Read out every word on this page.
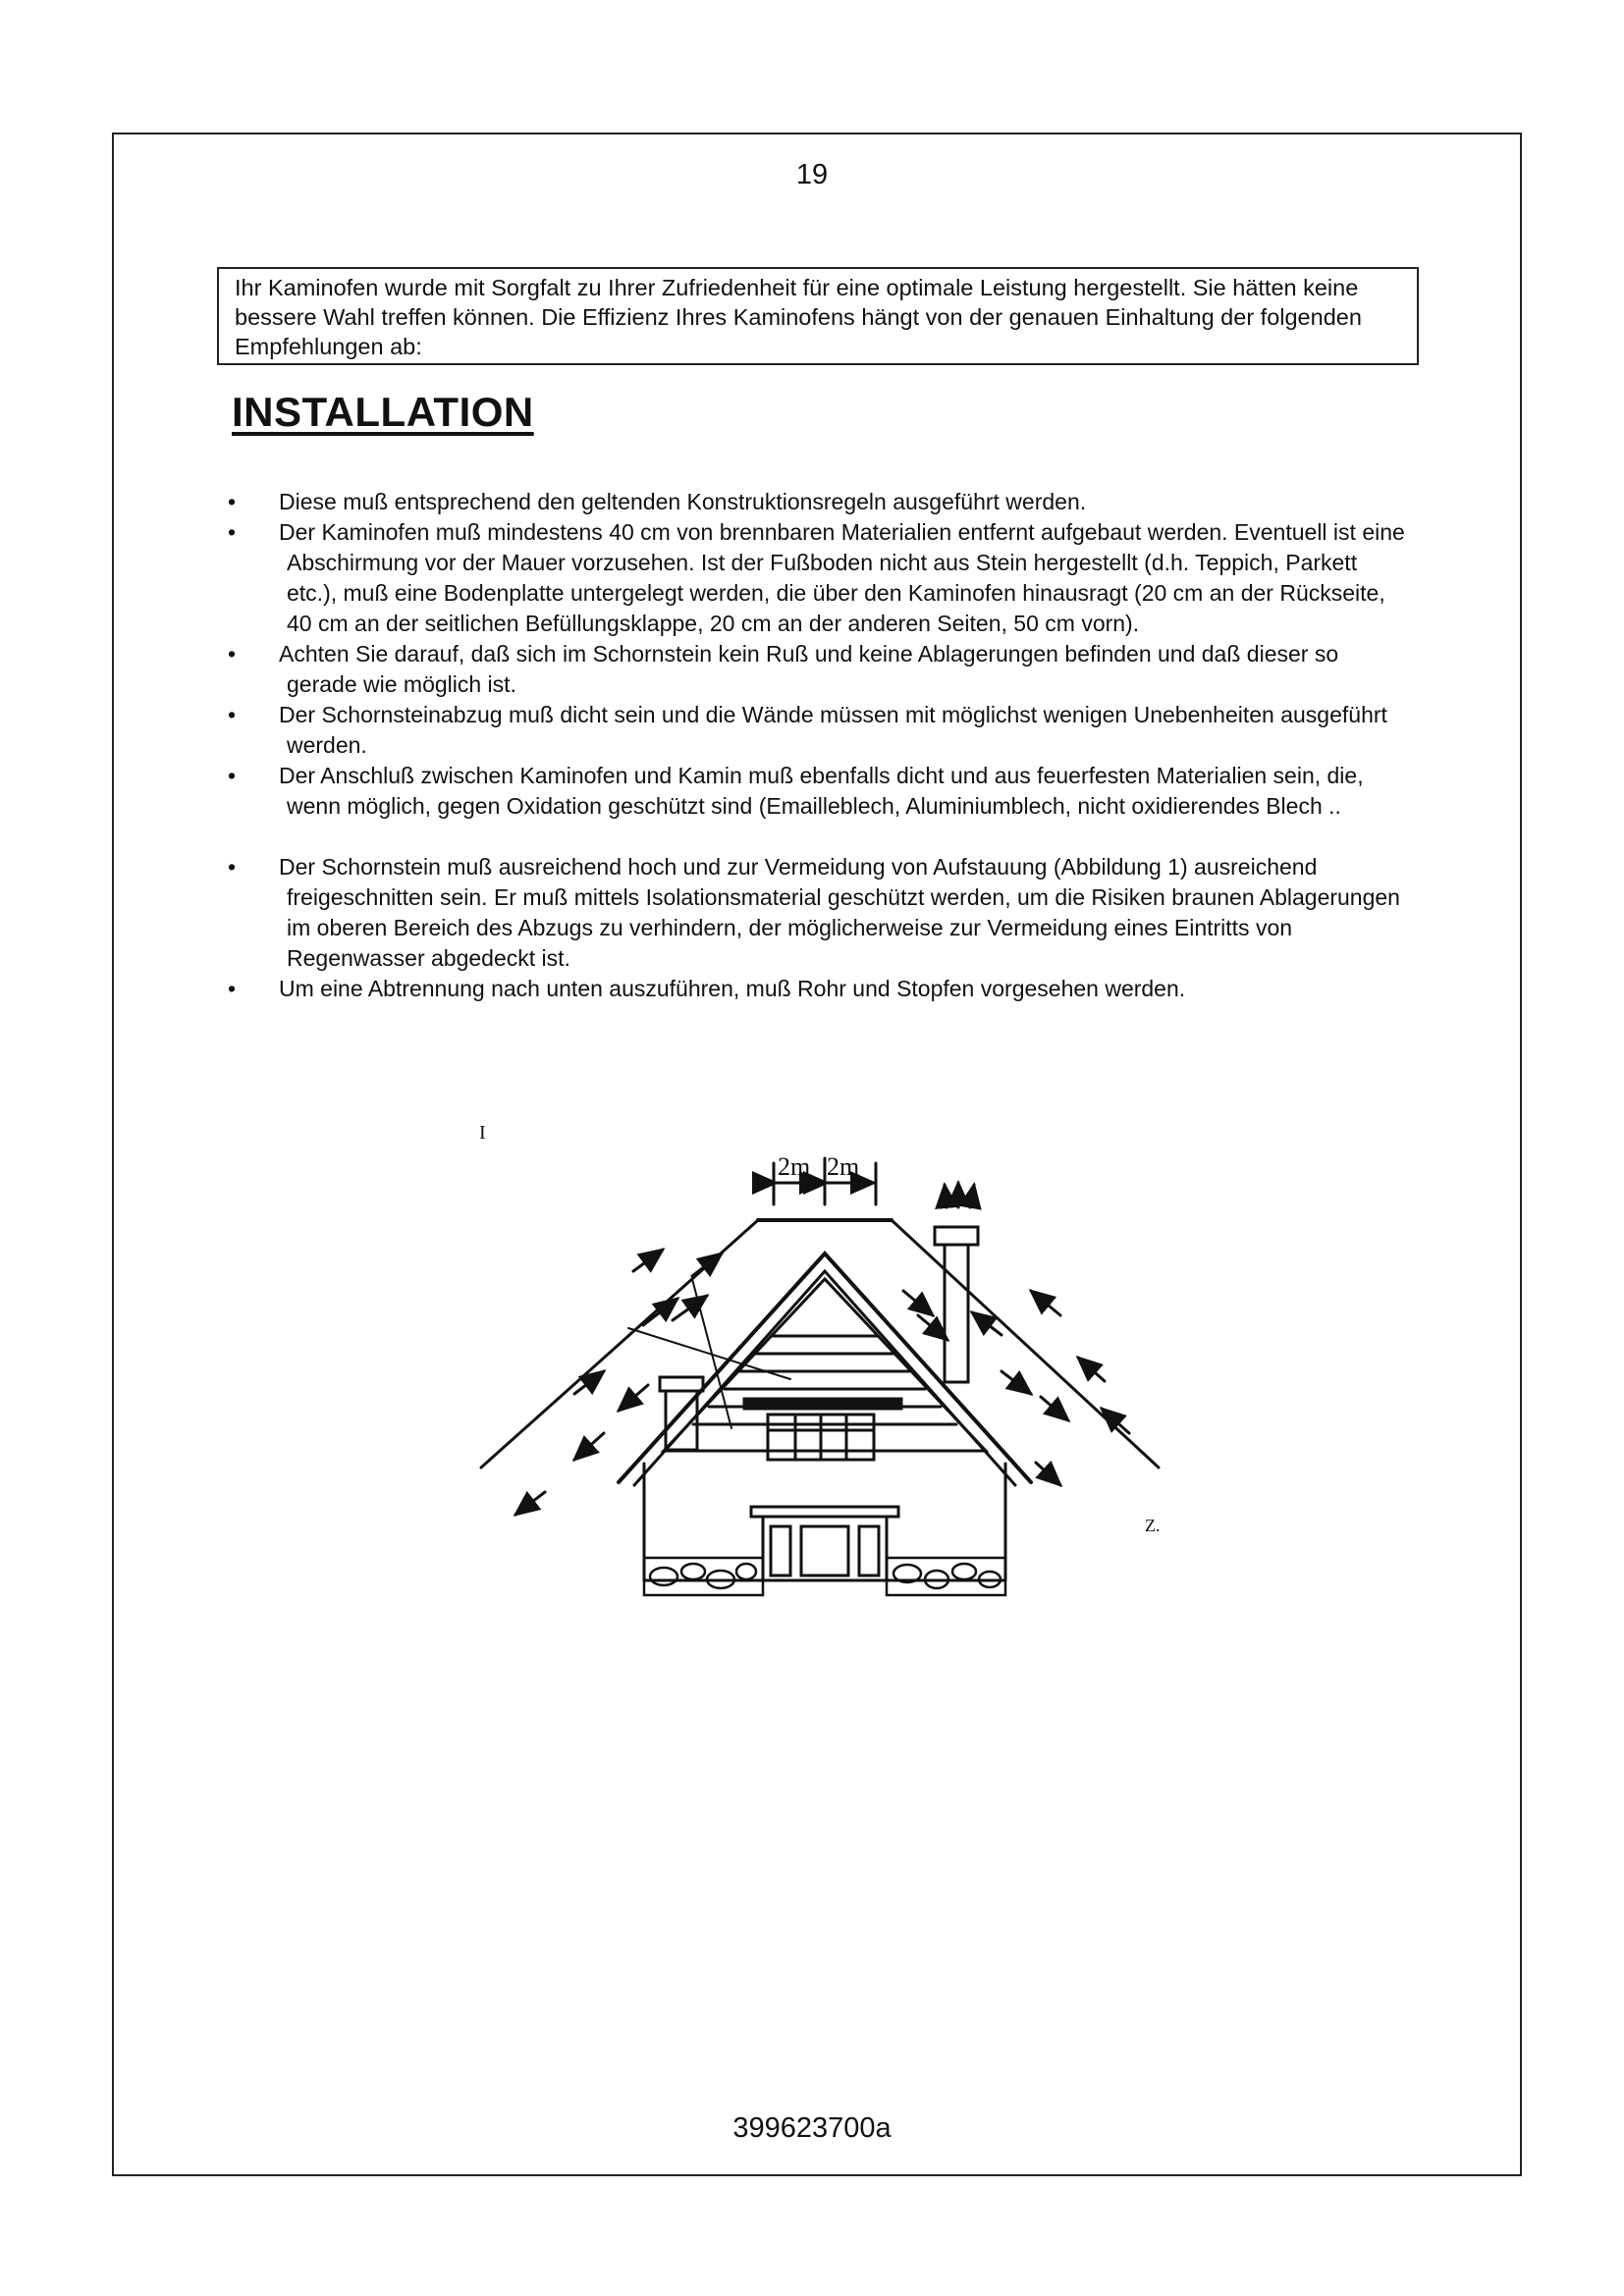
19
Ihr Kaminofen wurde mit Sorgfalt zu Ihrer Zufriedenheit für eine optimale Leistung hergestellt. Sie hätten keine bessere Wahl treffen können. Die Effizienz Ihres Kaminofens hängt von der genauen Einhaltung der folgenden Empfehlungen ab:
INSTALLATION
• Diese muß entsprechend den geltenden Konstruktionsregeln ausgeführt werden.
• Der Kaminofen muß mindestens 40 cm von brennbaren Materialien entfernt aufgebaut werden. Eventuell ist eine Abschirmung vor der Mauer vorzusehen. Ist der Fußboden nicht aus Stein hergestellt (d.h. Teppich, Parkett etc.), muß eine Bodenplatte untergelegt werden, die über den Kaminofen hinausragt (20 cm an der Rückseite, 40 cm an der seitlichen Befüllungsklappe, 20 cm an der anderen Seiten, 50 cm vorn).
• Achten Sie darauf, daß sich im Schornstein kein Ruß und keine Ablagerungen befinden und daß dieser so gerade wie möglich ist.
• Der Schornsteinabzug muß dicht sein und die Wände müssen mit möglichst wenigen Unebenheiten ausgeführt werden.
• Der Anschluß zwischen Kaminofen und Kamin muß ebenfalls dicht und aus feuerfesten Materialien sein, die, wenn möglich, gegen Oxidation geschützt sind (Emailleblech, Aluminiumblech, nicht oxidierendes Blech ..
• Der Schornstein muß ausreichend hoch und zur Vermeidung von Aufstauung (Abbildung 1) ausreichend freigeschnitten sein. Er muß mittels Isolationsmaterial geschützt werden, um die Risiken braunen Ablagerungen im oberen Bereich des Abzugs zu verhindern, der möglicherweise zur Vermeidung eines Eintritts von Regenwasser abgedeckt ist.
• Um eine Abtrennung nach unten auszuführen, muß Rohr und Stopfen vorgesehen werden.
I
Z.
2m 2m
399623700a
